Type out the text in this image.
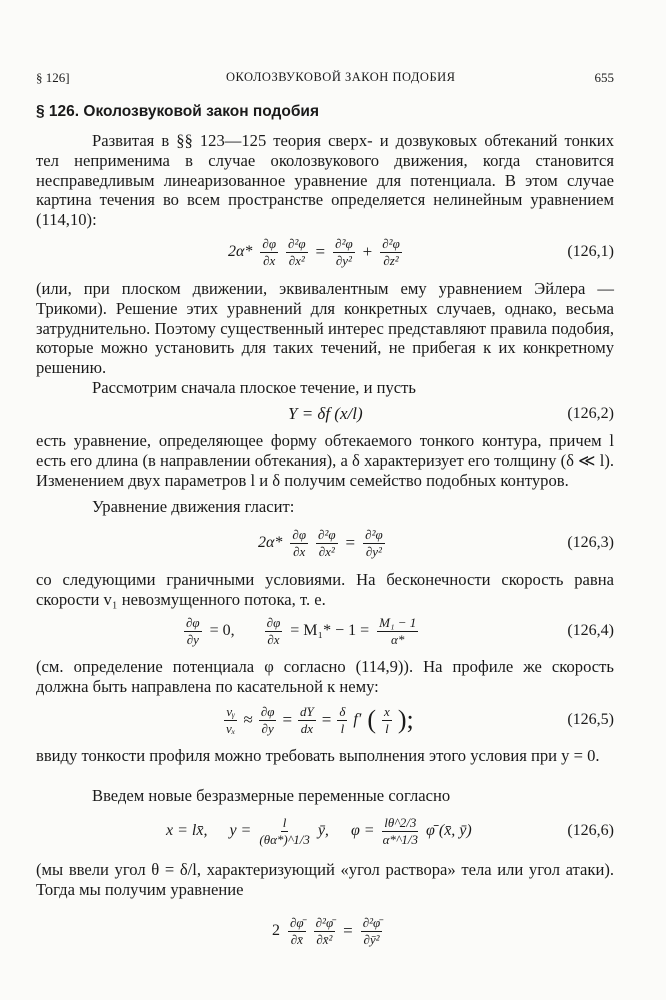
§ 126]	ОКОЛОЗВУКОВОЙ ЗАКОН ПОДОБИЯ	655
§ 126. Околозвуковой закон подобия
Развитая в §§ 123—125 теория сверх- и дозвуковых обтеканий тонких тел неприменима в случае околозвукового движения, когда становится несправедливым линеаризованное уравнение для потенциала. В этом случае картина течения во всем пространстве определяется нелинейным уравнением (114,10):
$2\alpha* \frac{\partial\varphi}{\partial x} \frac{\text{∂²φ}}{\text{∂x²}} = \frac{\text{∂²φ}}{\text{∂y²}} + \frac{\text{∂²φ}}{\text{∂z²}}$	(126,1)
(или, при плоском движении, эквивалентным ему уравнением Эйлера — Трикоми). Решение этих уравнений для конкретных случаев, однако, весьма затруднительно. Поэтому существенный интерес представляют правила подобия, которые можно установить для таких течений, не прибегая к их конкретному решению.
Рассмотрим сначала плоское течение, и пусть
Y = δf (x/l)	(126,2)
есть уравнение, определяющее форму обтекаемого тонкого контура, причем l есть его длина (в направлении обтекания), а δ характеризует его толщину (δ ≪ l). Изменением двух параметров l и δ получим семейство подобных контуров.
Уравнение движения гласит:
$2\alpha* \frac{\partial\varphi}{\partial x} \frac{\text{∂²φ}}{\text{∂x²}} = \frac{\text{∂²φ}}{\text{∂y²}}$	(126,3)
со следующими граничными условиями. На бесконечности скорость равна скорости v₁ невозмущенного потока, т. е.
$\frac{\partial\varphi}{\partial y} = 0$, $\frac{\partial\varphi}{\partial x} = M_1* - 1 = \frac{\text{M₁ − 1}}{\alpha*}$	(126,4)
(см. определение потенциала φ согласно (114,9)). На профиле же скорость должна быть направлена по касательной к нему:
$\frac{\text{vᵧ}}{\text{vₓ}} \approx \frac{\partial\varphi}{\partial y} = \frac{dY}{dx} = \frac{\delta}{l} f'$ ( $\frac{x}{l}$ );	(126,5)
ввиду тонкости профиля можно требовать выполнения этого условия при y = 0.
Введем новые безразмерные переменные согласно
x = lx̄, $y = \frac{l}{(\theta\alpha*)\^{}1/3}$ ȳ, $\varphi = \frac{l\theta\^{}2/3}{\alpha*\^{}1/3}$ φ̄ (x̄, ȳ)	(126,6)
(мы ввели угол θ = δ/l, характеризующий «угол раствора» тела или угол атаки). Тогда мы получим уравнение
$2 \frac{\partial\varphī}{\partial x̄} \frac{\text{∂²φ̄}}{\text{∂x̄²}} = \frac{\text{∂²φ̄}}{\text{∂ȳ²}}$
